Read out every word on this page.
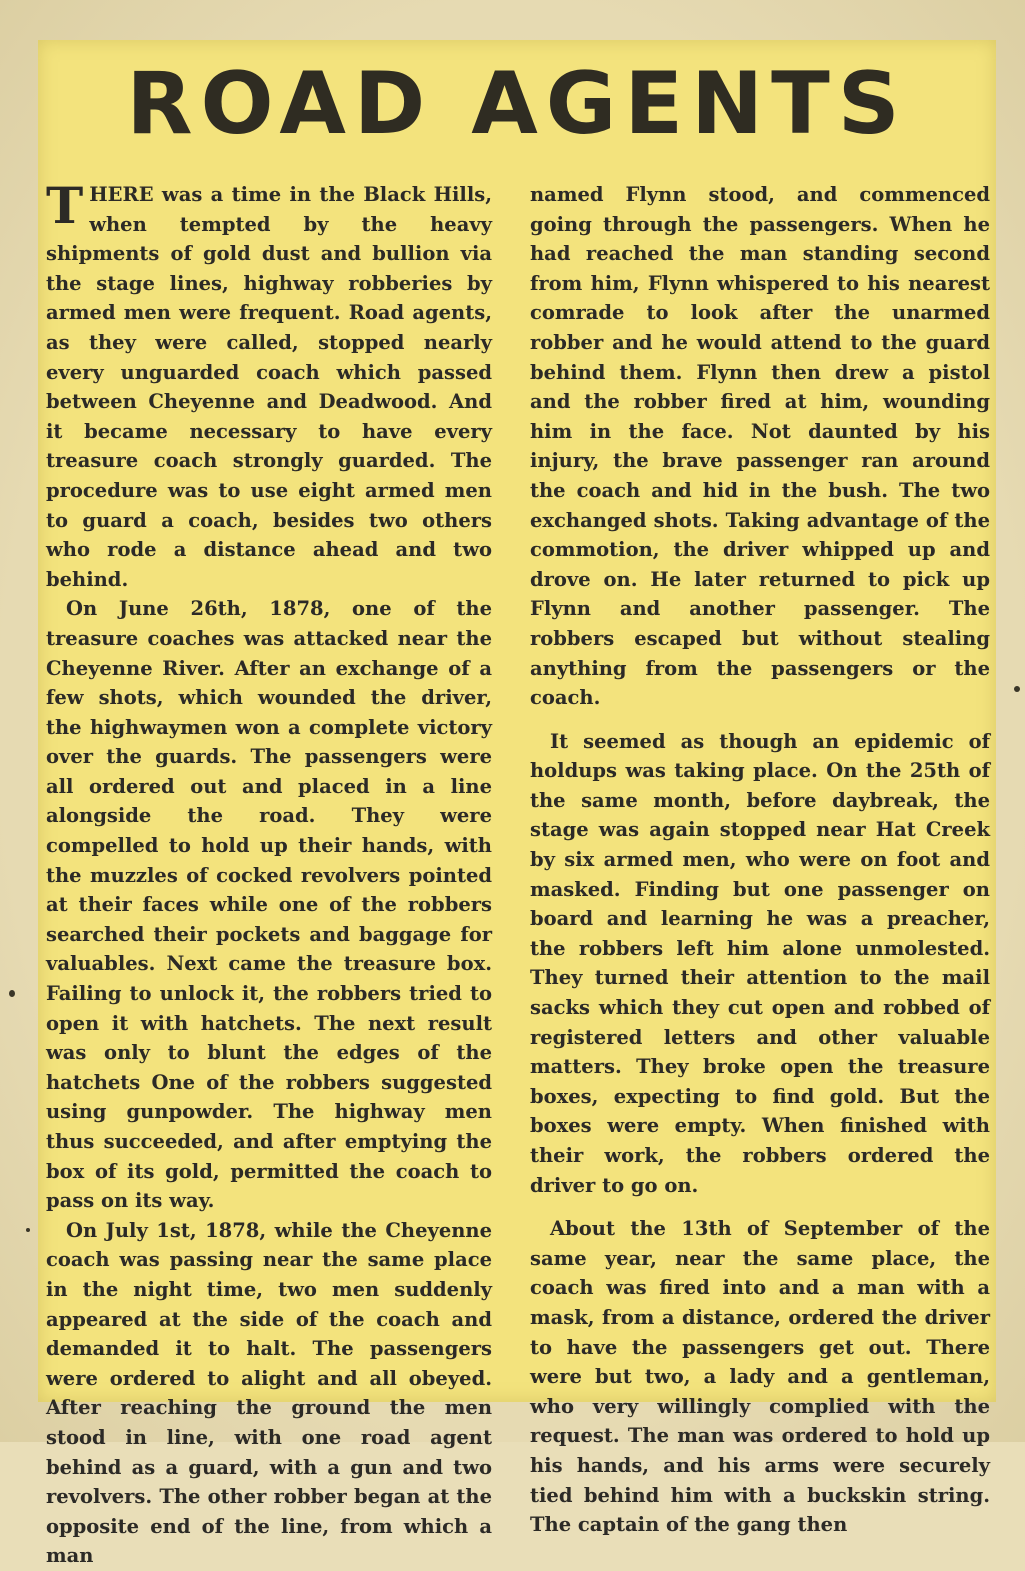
ROAD AGENTS

THERE was a time in the Black Hills, when tempted by the heavy shipments of gold dust and bullion via the stage lines, highway robberies by armed men were frequent. Road agents, as they were called, stopped nearly every unguarded coach which passed between Cheyenne and Deadwood. And it became necessary to have every treasure coach strongly guarded. The procedure was to use eight armed men to guard a coach, besides two others who rode a distance ahead and two behind.

On June 26th, 1878, one of the treasure coaches was attacked near the Cheyenne River. After an exchange of a few shots, which wounded the driver, the highwaymen won a complete victory over the guards. The passengers were all ordered out and placed in a line alongside the road. They were compelled to hold up their hands, with the muzzles of cocked revolvers pointed at their faces while one of the robbers searched their pockets and baggage for valuables. Next came the treasure box. Failing to unlock it, the robbers tried to open it with hatchets. The next result was only to blunt the edges of the hatchets One of the robbers suggested using gunpowder. The highway men thus succeeded, and after emptying the box of its gold, permitted the coach to pass on its way.

On July 1st, 1878, while the Cheyenne coach was passing near the same place in the night time, two men suddenly appeared at the side of the coach and demanded it to halt. The passengers were ordered to alight and all obeyed. After reaching the ground the men stood in line, with one road agent behind as a guard, with a gun and two revolvers. The other robber began at the opposite end of the line, from which a man

named Flynn stood, and commenced going through the passengers. When he had reached the man standing second from him, Flynn whispered to his nearest comrade to look after the unarmed robber and he would attend to the guard behind them. Flynn then drew a pistol and the robber fired at him, wounding him in the face. Not daunted by his injury, the brave passenger ran around the coach and hid in the bush. The two exchanged shots. Taking advantage of the commotion, the driver whipped up and drove on. He later returned to pick up Flynn and another passenger. The robbers escaped but without stealing anything from the passengers or the coach.

It seemed as though an epidemic of holdups was taking place. On the 25th of the same month, before daybreak, the stage was again stopped near Hat Creek by six armed men, who were on foot and masked. Finding but one passenger on board and learning he was a preacher, the robbers left him alone unmolested. They turned their attention to the mail sacks which they cut open and robbed of registered letters and other valuable matters. They broke open the treasure boxes, expecting to find gold. But the boxes were empty. When finished with their work, the robbers ordered the driver to go on.

About the 13th of September of the same year, near the same place, the coach was fired into and a man with a mask, from a distance, ordered the driver to have the passengers get out. There were but two, a lady and a gentleman, who very willingly complied with the request. The man was ordered to hold up his hands, and his arms were securely tied behind him with a buckskin string. The captain of the gang then
